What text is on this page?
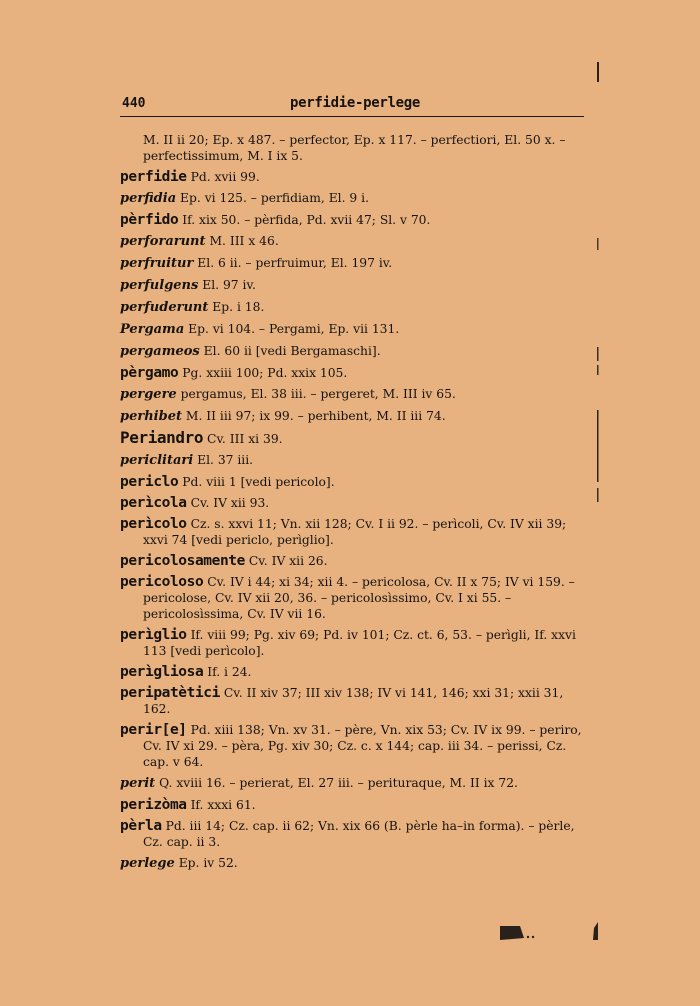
440	perfidie-perlege
M. II ii 20; Ep. x 487. – perfector, Ep. x 117. – perfectiori, El. 50 x. – perfectissimum, M. I ix 5.
perfidie Pd. xvii 99.
perfidia Ep. vi 125. – perfidiam, El. 9 i.
pèrfido If. xix 50. – pèrfida, Pd. xvii 47; Sl. v 70.
perforarunt M. III x 46.
perfruitur El. 6 ii. – perfruimur, El. 197 iv.
perfulgens El. 97 iv.
perfuderunt Ep. i 18.
Pergama Ep. vi 104. – Pergami, Ep. vii 131.
pergameos El. 60 ii [vedi Bergamaschi].
pèrgamo Pg. xxiii 100; Pd. xxix 105.
pergere pergamus, El. 38 iii. – pergeret, M. III iv 65.
perhibet M. II iii 97; ix 99. – perhibent, M. II iii 74.
Periandro Cv. III xi 39.
periclitari El. 37 iii.
periclo Pd. viii 1 [vedi pericolo].
perìcola Cv. IV xii 93.
perìcolo Cz. s. xxvi 11; Vn. xii 128; Cv. I ii 92. – perìcoli, Cv. IV xii 39; xxvi 74 [vedi periclo, perìglio].
pericolosamente Cv. IV xii 26.
pericoloso Cv. IV i 44; xi 34; xii 4. – pericolosa, Cv. II x 75; IV vi 159. – pericolose, Cv. IV xii 20, 36. – pericolosìssimo, Cv. I xi 55. – pericolosìssima, Cv. IV vii 16.
perìglio If. viii 99; Pg. xiv 69; Pd. iv 101; Cz. ct. 6, 53. – perìgli, If. xxvi 113 [vedi perìcolo].
perìgliosa If. i 24.
peripatètici Cv. II xiv 37; III xiv 138; IV vi 141, 146; xxi 31; xxii 31, 162.
perir[e] Pd. xiii 138; Vn. xv 31. – père, Vn. xix 53; Cv. IV ix 99. – periro, Cv. IV xi 29. – pèra, Pg. xiv 30; Cz. c. x 144; cap. iii 34. – perissi, Cz. cap. v 64.
perit Q. xviii 16. – perierat, El. 27 iii. – perituraque, M. II ix 72.
perizòma If. xxxi 61.
pèrla Pd. iii 14; Cz. cap. ii 62; Vn. xix 66 (B. pèrle ha–in forma). – pèrle, Cz. cap. ii 3.
perlege Ep. iv 52.
